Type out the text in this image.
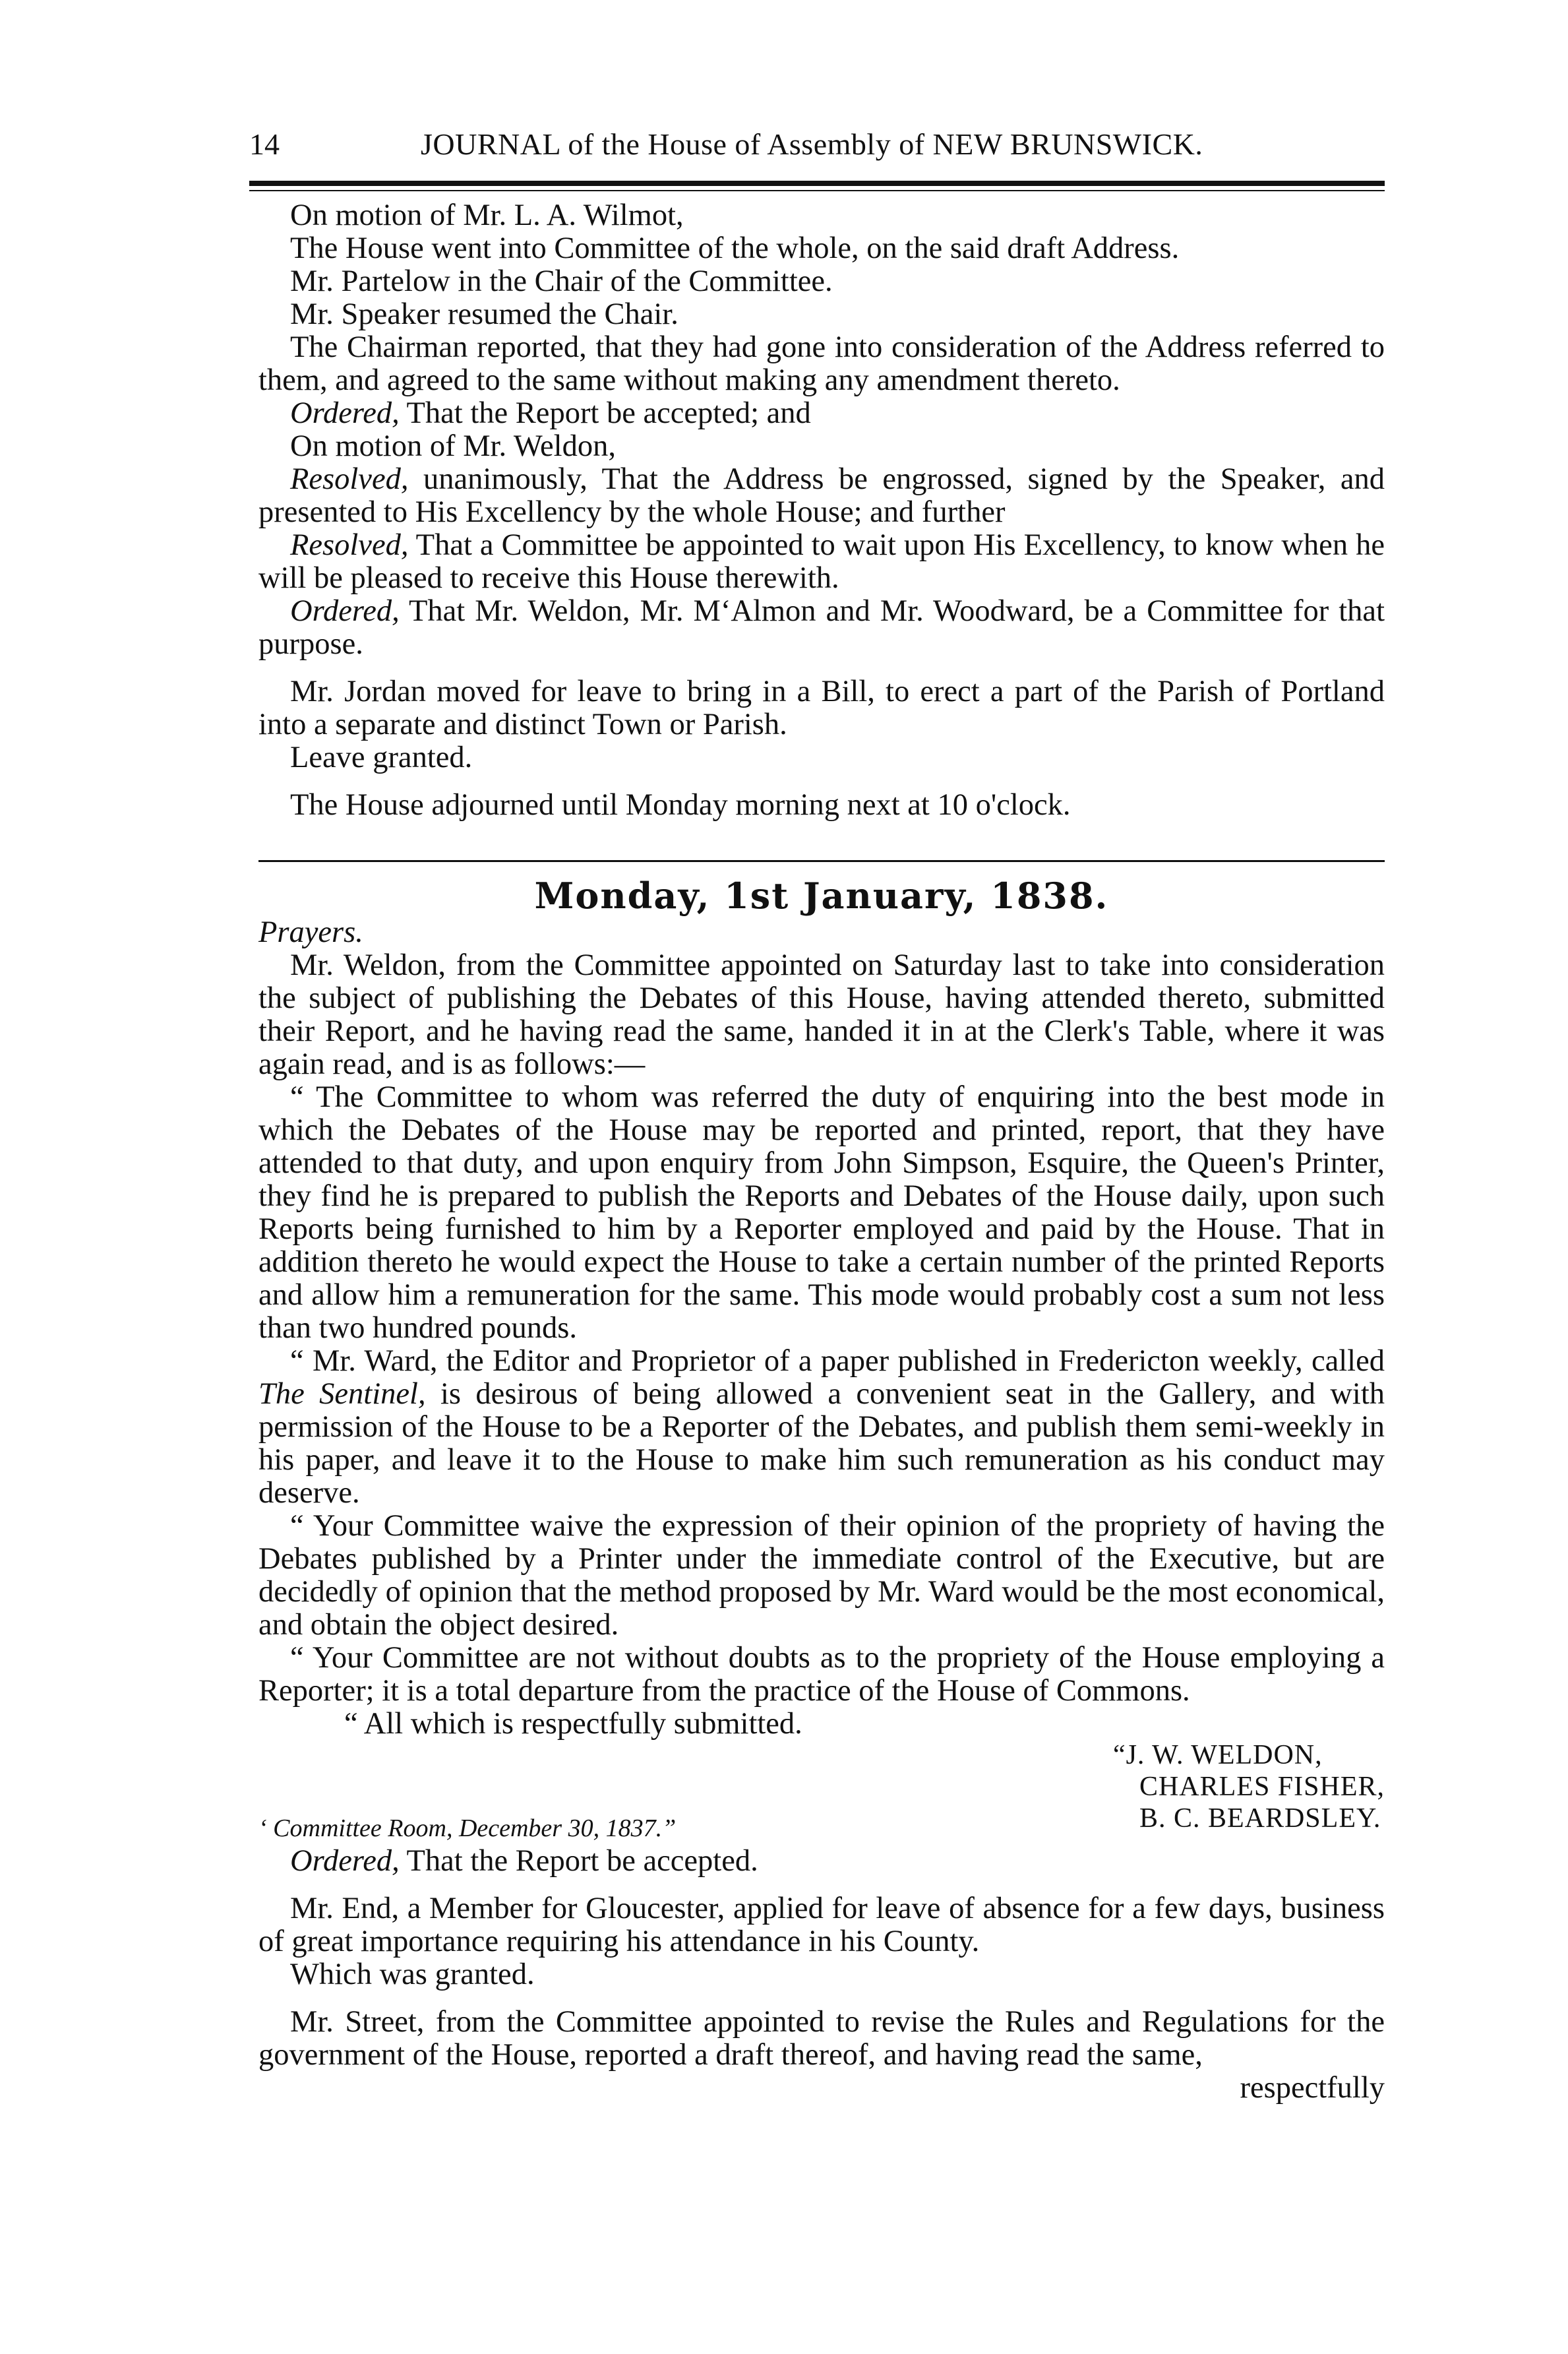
14	JOURNAL of the House of Assembly of NEW BRUNSWICK.

On motion of Mr. L. A. Wilmot,

The House went into Committee of the whole, on the said draft Address.

Mr. Partelow in the Chair of the Committee.

Mr. Speaker resumed the Chair.

The Chairman reported, that they had gone into consideration of the Address referred to them, and agreed to the same without making any amendment thereto.

Ordered, That the Report be accepted; and

On motion of Mr. Weldon,

Resolved, unanimously, That the Address be engrossed, signed by the Speaker, and presented to His Excellency by the whole House; and further

Resolved, That a Committee be appointed to wait upon His Excellency, to know when he will be pleased to receive this House therewith.

Ordered, That Mr. Weldon, Mr. M‘Almon and Mr. Woodward, be a Committee for that purpose.

Mr. Jordan moved for leave to bring in a Bill, to erect a part of the Parish of Portland into a separate and distinct Town or Parish.

Leave granted.

The House adjourned until Monday morning next at 10 o'clock.

Monday, 1st January, 1838.

Prayers.

Mr. Weldon, from the Committee appointed on Saturday last to take into consideration the subject of publishing the Debates of this House, having attended thereto, submitted their Report, and he having read the same, handed it in at the Clerk's Table, where it was again read, and is as follows:—

“ The Committee to whom was referred the duty of enquiring into the best mode in which the Debates of the House may be reported and printed, report, that they have attended to that duty, and upon enquiry from John Simpson, Esquire, the Queen's Printer, they find he is prepared to publish the Reports and Debates of the House daily, upon such Reports being furnished to him by a Reporter employed and paid by the House. That in addition thereto he would expect the House to take a certain number of the printed Reports and allow him a remuneration for the same. This mode would probably cost a sum not less than two hundred pounds.

“ Mr. Ward, the Editor and Proprietor of a paper published in Fredericton weekly, called The Sentinel, is desirous of being allowed a convenient seat in the Gallery, and with permission of the House to be a Reporter of the Debates, and publish them semi-weekly in his paper, and leave it to the House to make him such remuneration as his conduct may deserve.

“ Your Committee waive the expression of their opinion of the propriety of having the Debates published by a Printer under the immediate control of the Executive, but are decidedly of opinion that the method proposed by Mr. Ward would be the most economical, and obtain the object desired.

“ Your Committee are not without doubts as to the propriety of the House employing a Reporter; it is a total departure from the practice of the House of Commons.

“ All which is respectfully submitted.
“J. W. WELDON,
CHARLES FISHER,
B. C. BEARDSLEY.

‘ Committee Room, December 30, 1837.”

Ordered, That the Report be accepted.

Mr. End, a Member for Gloucester, applied for leave of absence for a few days, business of great importance requiring his attendance in his County.

Which was granted.

Mr. Street, from the Committee appointed to revise the Rules and Regulations for the government of the House, reported a draft thereof, and having read the same,

respectfully
